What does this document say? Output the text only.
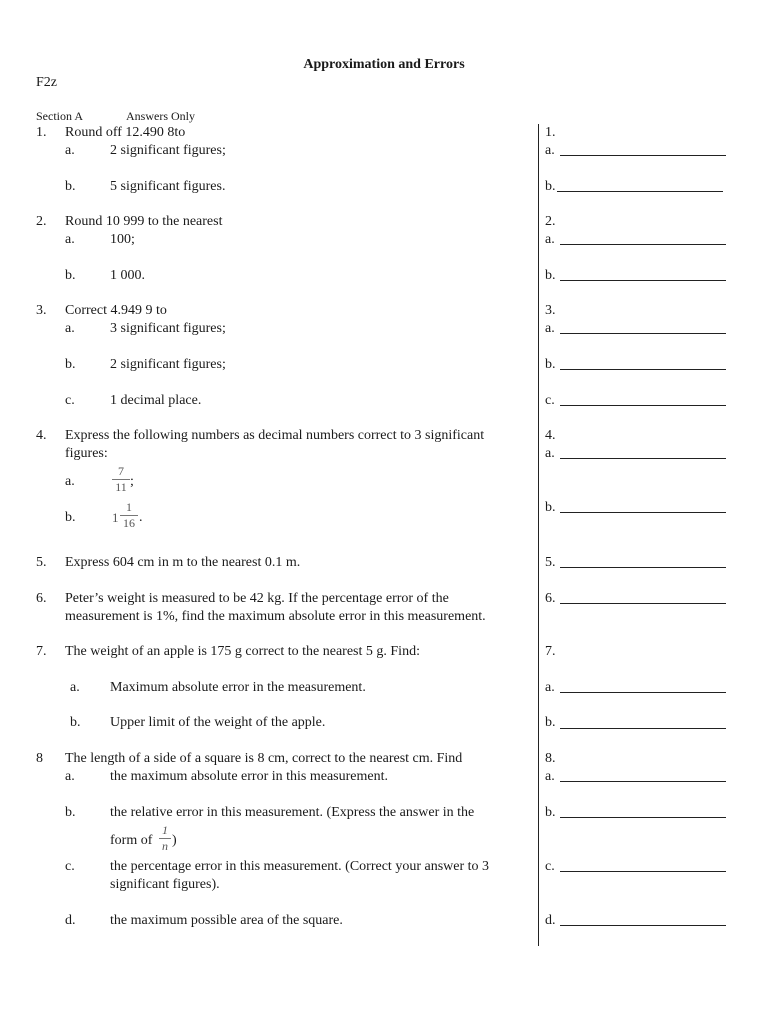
Approximation and Errors
F2z
Section A	Answers Only
1. Round off 12.490 8to
a.	2 significant figures;
b. 5 significant figures.
2. Round 10 999 to the nearest
a.	100;
b. 1 000.
3. Correct 4.949 9 to
a.	3 significant figures;
b. 2 significant figures;
c.	1 decimal place.
4. Express the following numbers as decimal numbers correct to 3 significant
figures:
a.
7
11 ;
b.	1
1
16 .
5. Express 604 cm in m to the nearest 0.1 m.
6. Peter’s weight is measured to be 42 kg. If the percentage error of the
measurement is 1%, find the maximum absolute error in this measurement.
7. The weight of an apple is 175 g correct to the nearest 5 g. Find:
a. Maximum absolute error in the measurement.
b. Upper limit of the weight of the apple.
8 The length of a side of a square is 8 cm, correct to the nearest cm. Find
a.	the maximum absolute error in this measurement.
b. the relative error in this measurement. (Express the answer in the
form of
1
n )
c.	the percentage error in this measurement. (Correct your answer to 3
significant figures).
d. the maximum possible area of the square.
1.
a.
b.
2.
a.
b.
3.
a.
b.
c.
4.
a.
b.
5.
6.
7.
a.
b.
8.
a.
b.
c.
d.
